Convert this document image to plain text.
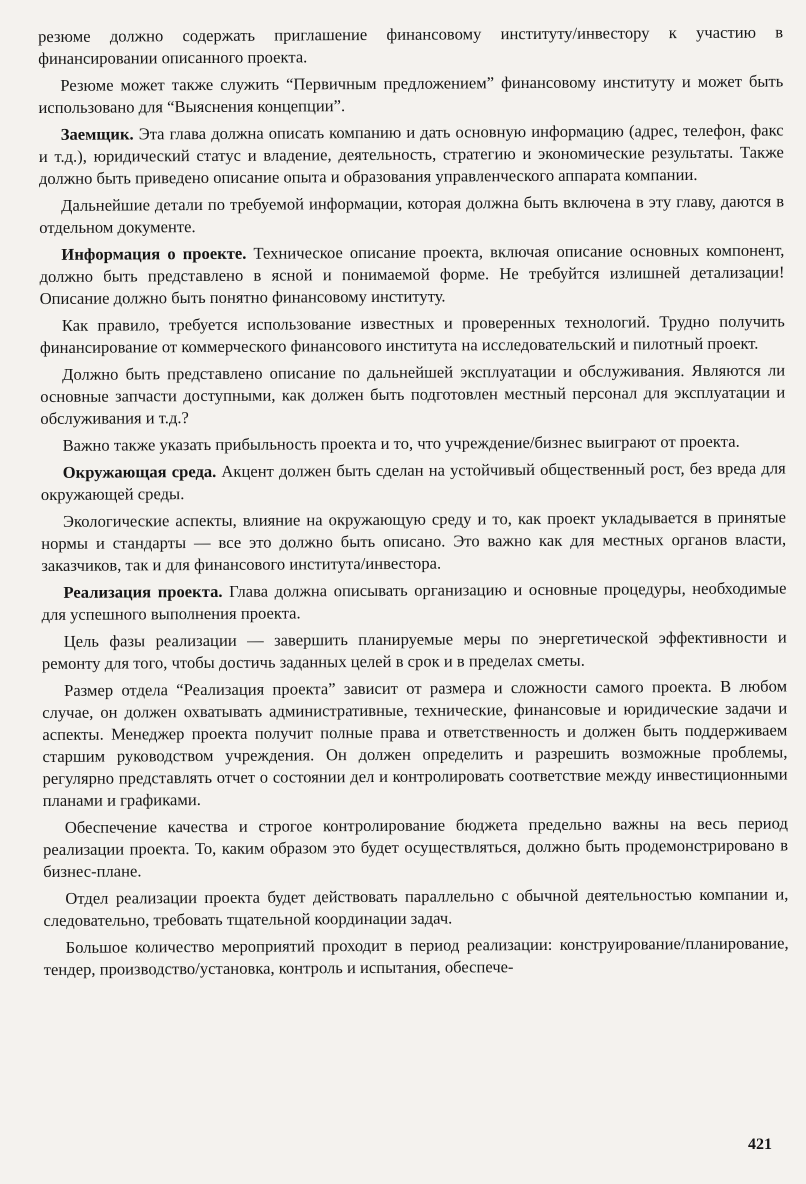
резюме должно содержать приглашение финансовому институту/инвестору к участию в финансировании описанного проекта.

Резюме может также служить “Первичным предложением” финансовому институту и может быть использовано для “Выяснения концепции”.

Заемщик. Эта глава должна описать компанию и дать основную информацию (адрес, телефон, факс и т.д.), юридический статус и владение, деятельность, стратегию и экономические результаты. Также должно быть приведено описание опыта и образования управленческого аппарата компании.

Дальнейшие детали по требуемой информации, которая должна быть включена в эту главу, даются в отдельном документе.

Информация о проекте. Техническое описание проекта, включая описание основных компонент, должно быть представлено в ясной и понимаемой форме. Не требуйтся излишней детализации! Описание должно быть понятно финансовому институту.

Как правило, требуется использование известных и проверенных технологий. Трудно получить финансирование от коммерческого финансового института на исследовательский и пилотный проект.

Должно быть представлено описание по дальнейшей эксплуатации и обслуживания. Являются ли основные запчасти доступными, как должен быть подготовлен местный персонал для эксплуатации и обслуживания и т.д.?

Важно также указать прибыльность проекта и то, что учреждение/бизнес выиграют от проекта.

Окружающая среда. Акцент должен быть сделан на устойчивый общественный рост, без вреда для окружающей среды.

Экологические аспекты, влияние на окружающую среду и то, как проект укладывается в принятые нормы и стандарты — все это должно быть описано. Это важно как для местных органов власти, заказчиков, так и для финансового института/инвестора.

Реализация проекта. Глава должна описывать организацию и основные процедуры, необходимые для успешного выполнения проекта.

Цель фазы реализации — завершить планируемые меры по энергетической эффективности и ремонту для того, чтобы достичь заданных целей в срок и в пределах сметы.

Размер отдела “Реализация проекта” зависит от размера и сложности самого проекта. В любом случае, он должен охватывать административные, технические, финансовые и юридические задачи и аспекты. Менеджер проекта получит полные права и ответственность и должен быть поддерживаем старшим руководством учреждения. Он должен определить и разрешить возможные проблемы, регулярно представлять отчет о состоянии дел и контролировать соответствие между инвестиционными планами и графиками.

Обеспечение качества и строгое контролирование бюджета предельно важны на весь период реализации проекта. То, каким образом это будет осуществляться, должно быть продемонстрировано в бизнес-плане.

Отдел реализации проекта будет действовать параллельно с обычной деятельностью компании и, следовательно, требовать тщательной координации задач.

Большое количество мероприятий проходит в период реализации: конструирование/планирование, тендер, производство/установка, контроль и испытания, обеспече-

421
